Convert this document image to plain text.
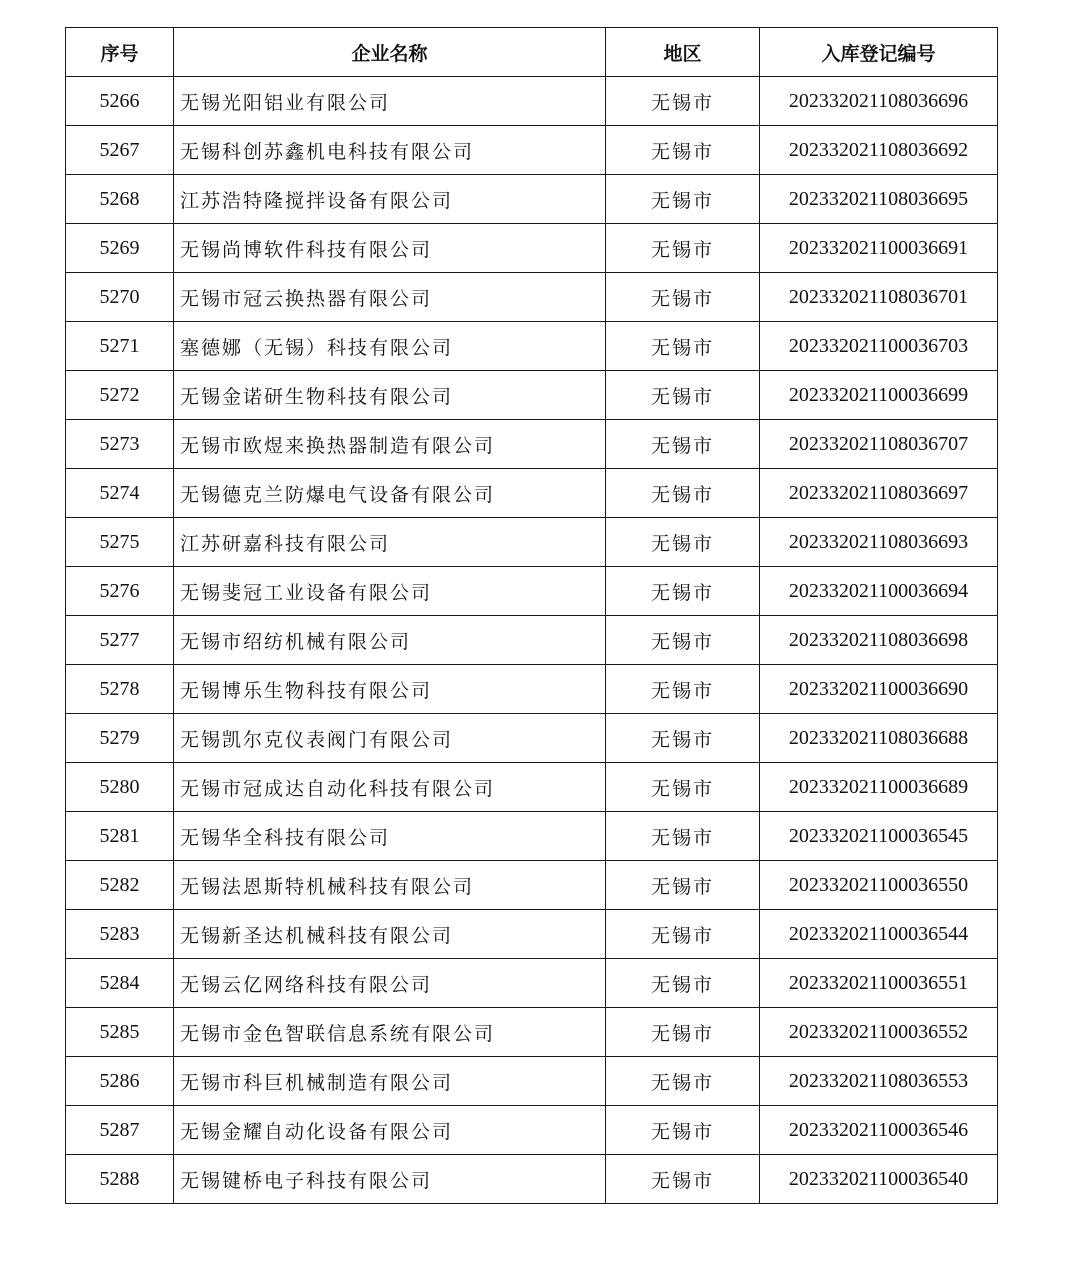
序号	企业名称	地区	入库登记编号
5266	无锡光阳铝业有限公司	无锡市	202332021108036696
5267	无锡科创苏鑫机电科技有限公司	无锡市	202332021108036692
5268	江苏浩特隆搅拌设备有限公司	无锡市	202332021108036695
5269	无锡尚博软件科技有限公司	无锡市	202332021100036691
5270	无锡市冠云换热器有限公司	无锡市	202332021108036701
5271	塞德娜（无锡）科技有限公司	无锡市	202332021100036703
5272	无锡金诺研生物科技有限公司	无锡市	202332021100036699
5273	无锡市欧煜来换热器制造有限公司	无锡市	202332021108036707
5274	无锡德克兰防爆电气设备有限公司	无锡市	202332021108036697
5275	江苏研嘉科技有限公司	无锡市	202332021108036693
5276	无锡斐冠工业设备有限公司	无锡市	202332021100036694
5277	无锡市绍纺机械有限公司	无锡市	202332021108036698
5278	无锡博乐生物科技有限公司	无锡市	202332021100036690
5279	无锡凯尔克仪表阀门有限公司	无锡市	202332021108036688
5280	无锡市冠成达自动化科技有限公司	无锡市	202332021100036689
5281	无锡华全科技有限公司	无锡市	202332021100036545
5282	无锡法恩斯特机械科技有限公司	无锡市	202332021100036550
5283	无锡新圣达机械科技有限公司	无锡市	202332021100036544
5284	无锡云亿网络科技有限公司	无锡市	202332021100036551
5285	无锡市金色智联信息系统有限公司	无锡市	202332021100036552
5286	无锡市科巨机械制造有限公司	无锡市	202332021108036553
5287	无锡金耀自动化设备有限公司	无锡市	202332021100036546
5288	无锡键桥电子科技有限公司	无锡市	202332021100036540
